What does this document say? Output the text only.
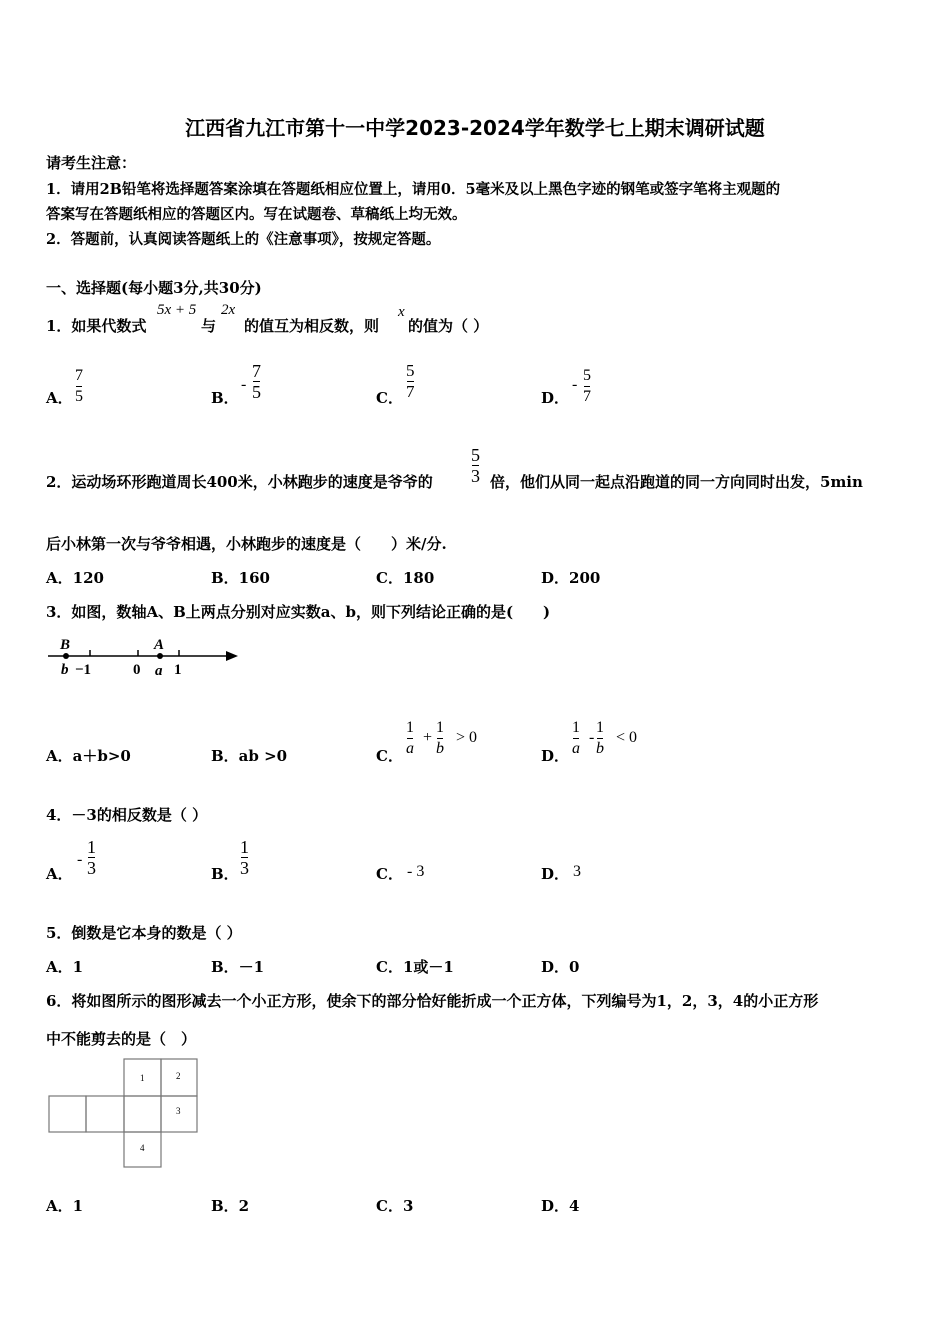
江西省九江市第十一中学2023-2024学年数学七上期末调研试题
请考生注意：
1．请用2B铅笔将选择题答案涂填在答题纸相应位置上，请用0．5毫米及以上黑色字迹的钢笔或签字笔将主观题的
答案写在答题纸相应的答题区内。写在试题卷、草稿纸上均无效。
2．答题前，认真阅读答题纸上的《注意事项》，按规定答题。
一、选择题(每小题3分,共30分)
1．如果代数式
5x + 5
与
2x
的值互为相反数，则
x
的值为（ ）
A．
7
5	B．
-
7
5	C．
5
7	D．
-
5
7
2．运动场环形跑道周长400米，小林跑步的速度是爷爷的
5
3 倍，他们从同一起点沿跑道的同一方向同时出发，5min
后小林第一次与爷爷相遇，小林跑步的速度是（　　）米/分.
A．120	B．160	C．180	D．200
3．如图，数轴A、B上两点分别对应实数a、b，则下列结论正确的是(　　)
B	A
b −1	0 a 1
A．a＋b>0	B．ab >0	C．
1
a
+
1
b
> 0
D．
1
a
-
1
b
< 0
4．－3的相反数是（ ）
A．
-
1
3	B．
1
3	C． - 3	D． 3
5．倒数是它本身的数是（ ）
A．1	B．－1	C．1或－1	D．0
6．将如图所示的图形减去一个小正方形，使余下的部分恰好能折成一个正方体，下列编号为1，2，3，4的小正方形
中不能剪去的是（　）
1	2
3
4
A．1	B．2	C．3	D．4
